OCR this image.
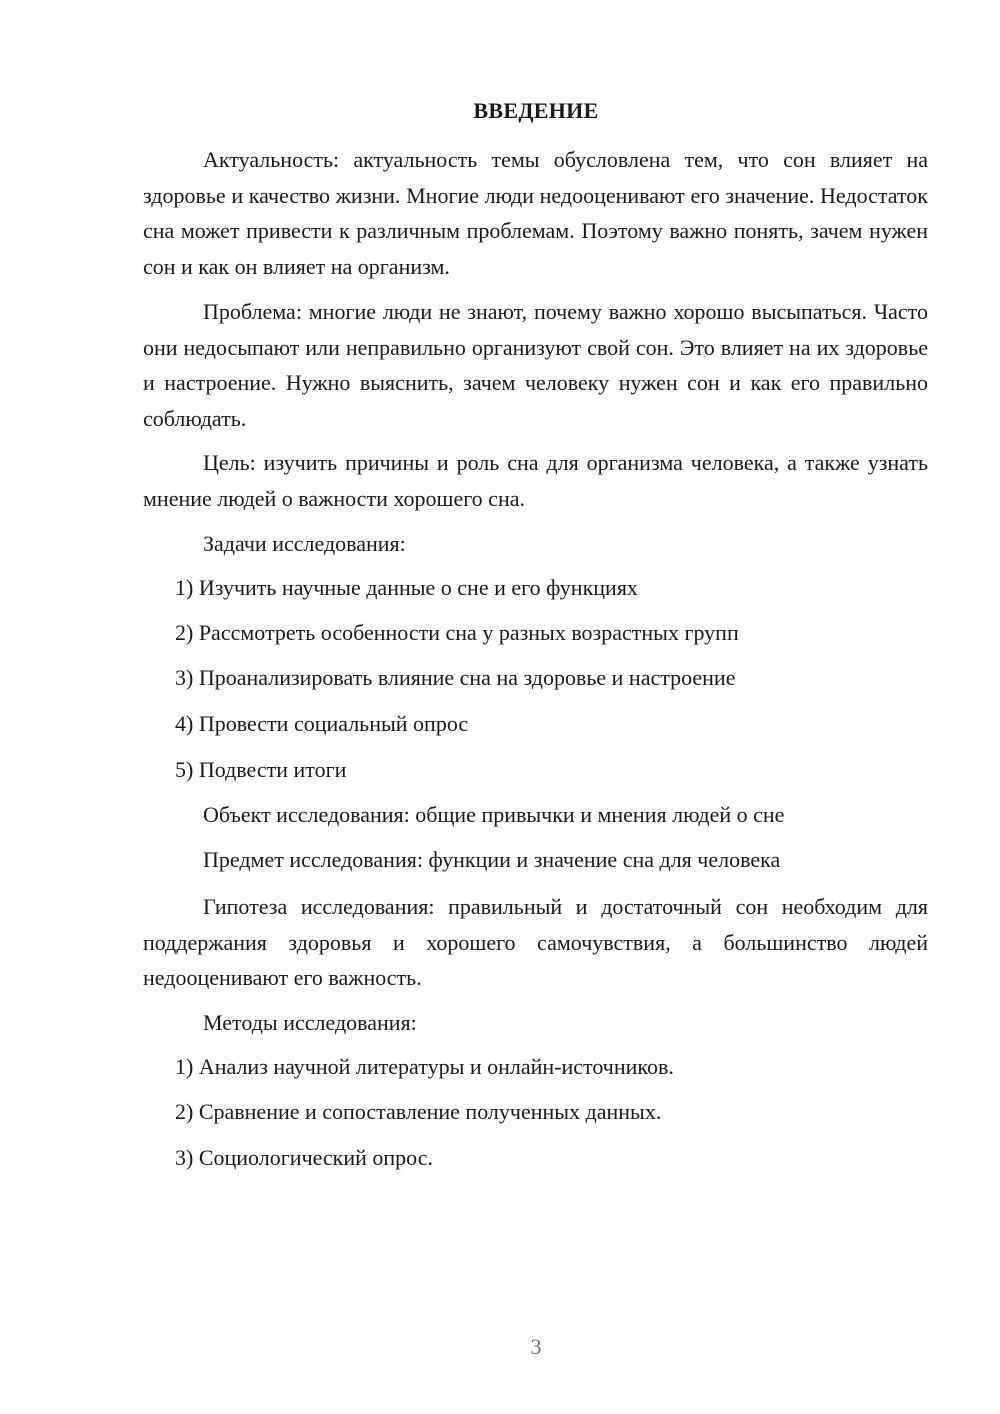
ВВЕДЕНИЕ

Актуальность: актуальность темы обусловлена тем, что сон влияет на здоровье и качество жизни. Многие люди недооценивают его значение. Недостаток сна может привести к различным проблемам. Поэтому важно понять, зачем нужен сон и как он влияет на организм.

Проблема: многие люди не знают, почему важно хорошо высыпаться. Часто они недосыпают или неправильно организуют свой сон. Это влияет на их здоровье и настроение. Нужно выяснить, зачем человеку нужен сон и как его правильно соблюдать.

Цель: изучить причины и роль сна для организма человека, а также узнать мнение людей о важности хорошего сна.

Задачи исследования:

1) Изучить научные данные о сне и его функциях

2) Рассмотреть особенности сна у разных возрастных групп

3) Проанализировать влияние сна на здоровье и настроение

4) Провести социальный опрос

5) Подвести итоги

Объект исследования: общие привычки и мнения людей о сне

Предмет исследования: функции и значение сна для человека

Гипотеза исследования: правильный и достаточный сон необходим для поддержания здоровья и хорошего самочувствия, а большинство людей недооценивают его важность.

Методы исследования:

1) Анализ научной литературы и онлайн-источников.

2) Сравнение и сопоставление полученных данных.

3) Социологический опрос.

3
